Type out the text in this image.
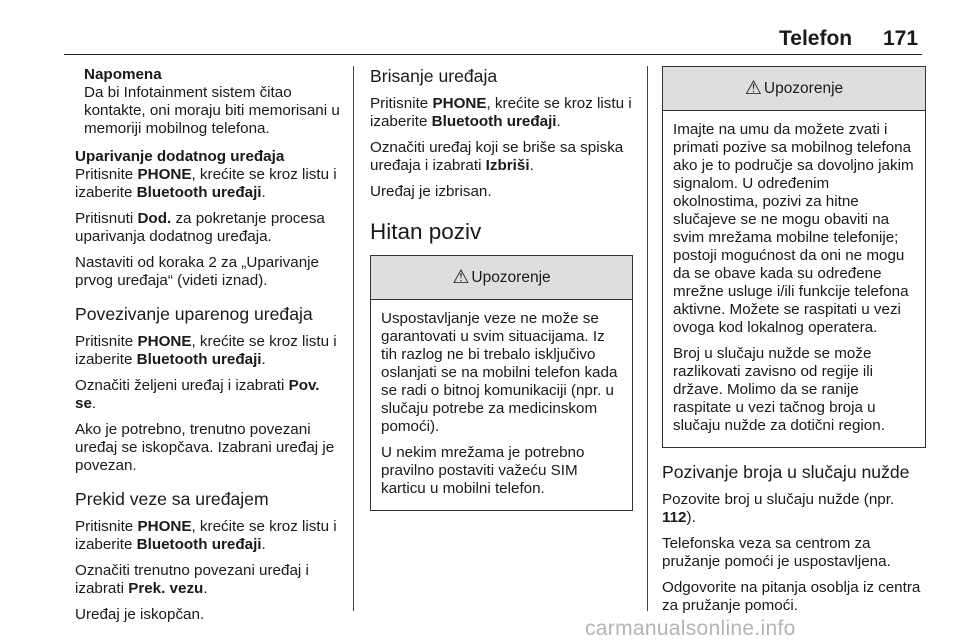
Telefon 171
Napomena
Da bi Infotainment sistem čitao kontakte, oni moraju biti memorisani u memoriji mobilnog telefona.
Uparivanje dodatnog uređaja

Pritisnite PHONE, krećite se kroz listu i izaberite Bluetooth uređaji.

Pritisnuti Dod. za pokretanje procesa uparivanja dodatnog uređaja.

Nastaviti od koraka 2 za „Uparivanje prvog uređaja“ (videti iznad).

Povezivanje uparenog uređaja

Pritisnite PHONE, krećite se kroz listu i izaberite Bluetooth uređaji.

Označiti željeni uređaj i izabrati Pov. se.

Ako je potrebno, trenutno povezani uređaj se iskopčava. Izabrani uređaj je povezan.

Prekid veze sa uređajem

Pritisnite PHONE, krećite se kroz listu i izaberite Bluetooth uređaji.

Označiti trenutno povezani uređaj i izabrati Prek. vezu.

Uređaj je iskopčan.

Brisanje uređaja

Pritisnite PHONE, krećite se kroz listu i izaberite Bluetooth uređaji.

Označiti uređaj koji se briše sa spiska uređaja i izabrati Izbriši.

Uređaj je izbrisan.

Hitan poziv
⚠ Upozorenje

Uspostavljanje veze ne može se garantovati u svim situacijama. Iz tih razlog ne bi trebalo isključivo oslanjati se na mobilni telefon kada se radi o bitnoj komunikaciji (npr. u slučaju potrebe za medicinskom pomoći).

U nekim mrežama je potrebno pravilno postaviti važeću SIM karticu u mobilni telefon.

⚠ Upozorenje

Imajte na umu da možete zvati i primati pozive sa mobilnog telefona ako je to područje sa dovoljno jakim signalom. U određenim okolnostima, pozivi za hitne slučajeve se ne mogu obaviti na svim mrežama mobilne telefonije; postoji mogućnost da oni ne mogu da se obave kada su određene mrežne usluge i/ili funkcije telefona aktivne. Možete se raspitati u vezi ovoga kod lokalnog operatera.

Broj u slučaju nužde se može razlikovati zavisno od regije ili države. Molimo da se ranije raspitate u vezi tačnog broja u slučaju nužde za dotični region.

Pozivanje broja u slučaju nužde

Pozovite broj u slučaju nužde (npr. 112).

Telefonska veza sa centrom za pružanje pomoći je uspostavljena.

Odgovorite na pitanja osoblja iz centra za pružanje pomoći.

carmanualsonline.info
